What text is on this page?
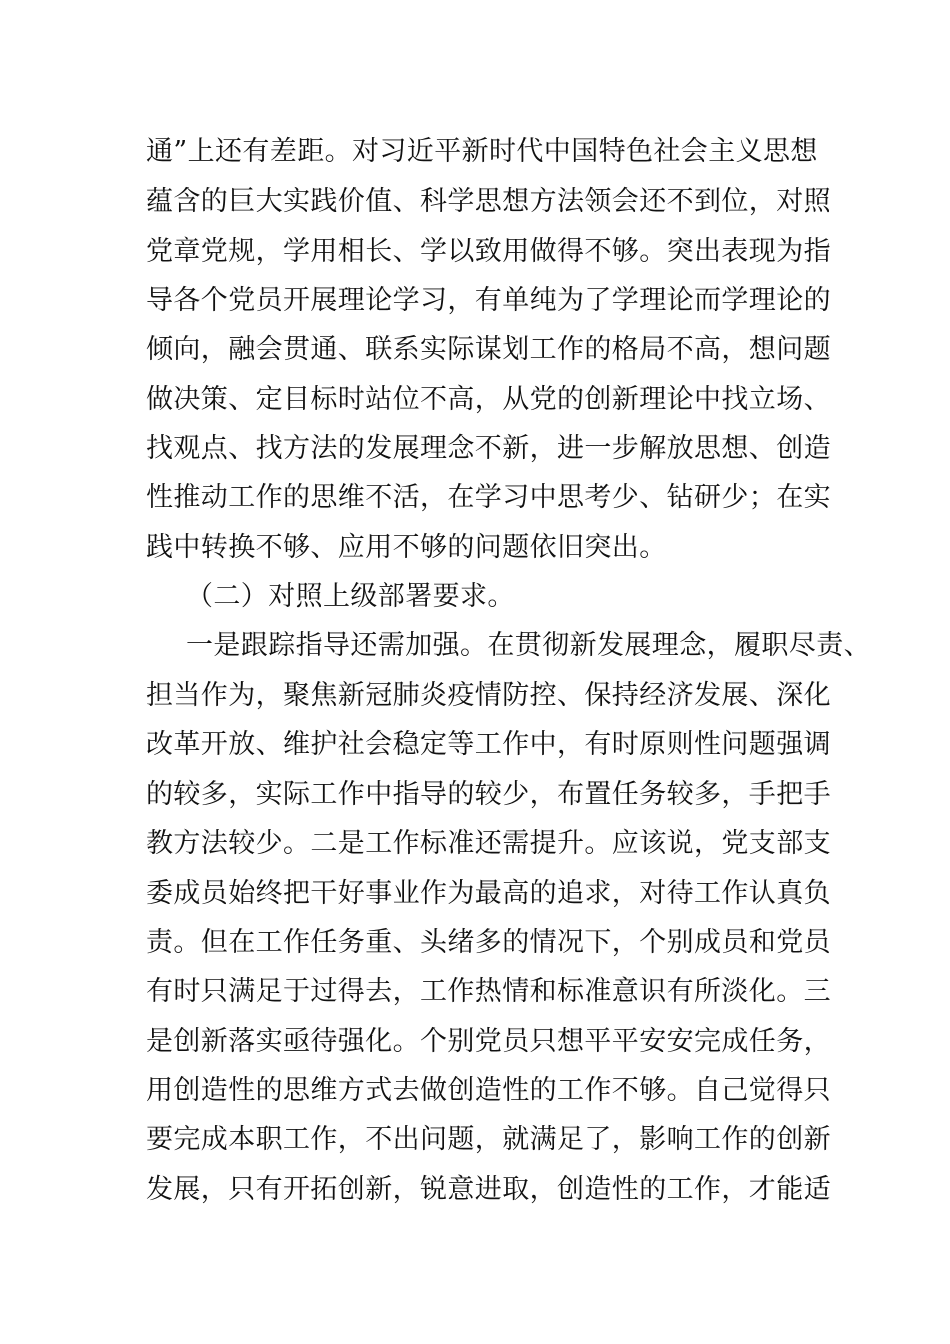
通”上还有差距。对习近平新时代中国特色社会主义思想
蕴含的巨大实践价值、科学思想方法领会还不到位，对照
党章党规，学用相长、学以致用做得不够。突出表现为指
导各个党员开展理论学习，有单纯为了学理论而学理论的
倾向，融会贯通、联系实际谋划工作的格局不高，想问题
做决策、定目标时站位不高，从党的创新理论中找立场、
找观点、找方法的发展理念不新，进一步解放思想、创造
性推动工作的思维不活，在学习中思考少、钻研少；在实
践中转换不够、应用不够的问题依旧突出。
（二）对照上级部署要求。
一是跟踪指导还需加强。在贯彻新发展理念，履职尽责、
担当作为，聚焦新冠肺炎疫情防控、保持经济发展、深化
改革开放、维护社会稳定等工作中，有时原则性问题强调
的较多，实际工作中指导的较少，布置任务较多，手把手
教方法较少。二是工作标准还需提升。应该说，党支部支
委成员始终把干好事业作为最高的追求，对待工作认真负
责。但在工作任务重、头绪多的情况下，个别成员和党员
有时只满足于过得去，工作热情和标准意识有所淡化。三
是创新落实亟待强化。个别党员只想平平安安完成任务，
用创造性的思维方式去做创造性的工作不够。自己觉得只
要完成本职工作，不出问题，就满足了，影响工作的创新
发展，只有开拓创新，锐意进取，创造性的工作，才能适
